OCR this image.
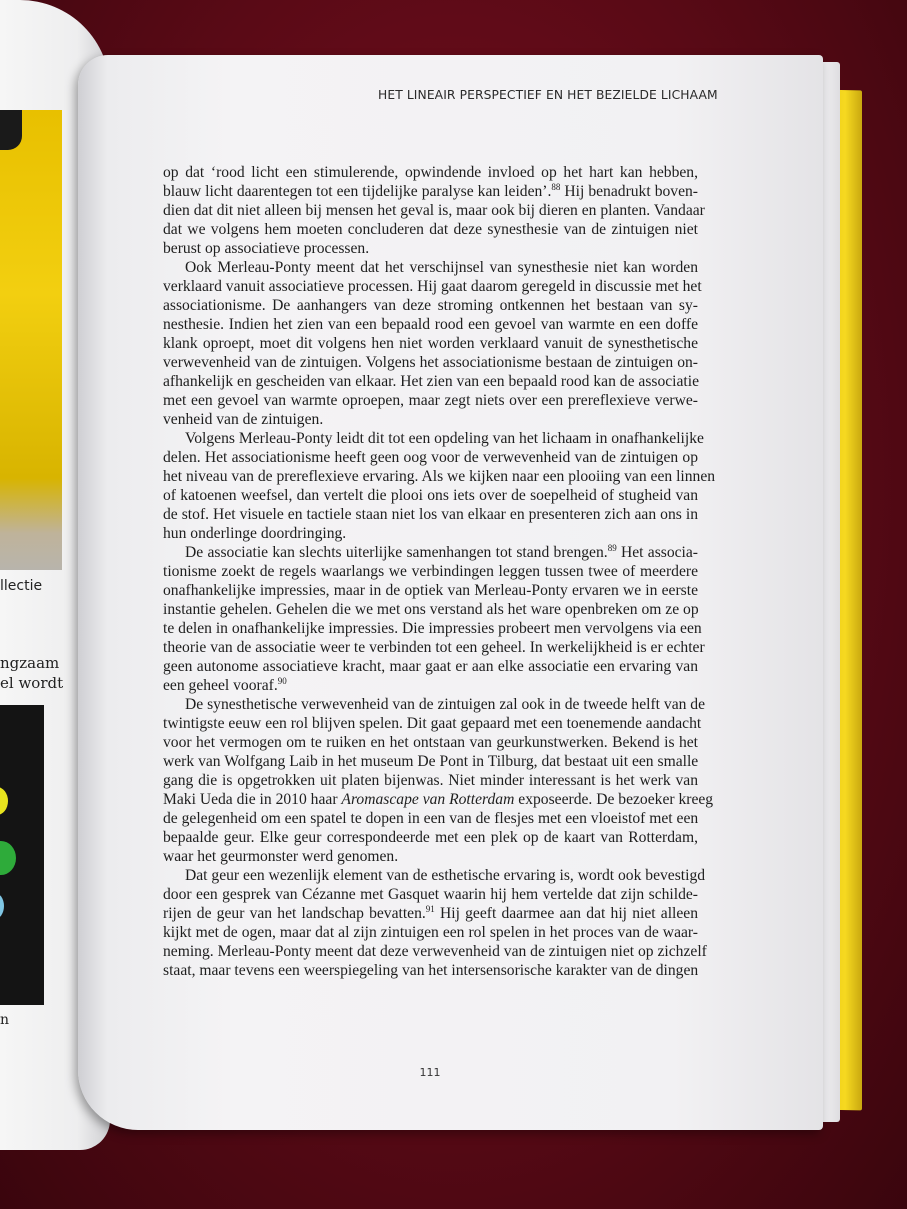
llectie
ngzaam
el wordt
n
HET LINEAIR PERSPECTIEF EN HET BEZIELDE LICHAAM
op dat ‘rood licht een stimulerende, opwindende invloed op het hart kan hebben,
blauw licht daarentegen tot een tijdelijke paralyse kan leiden’.$^{88}$ Hij benadrukt boven-
dien dat dit niet alleen bij mensen het geval is, maar ook bij dieren en planten. Vandaar
dat we volgens hem moeten concluderen dat deze synesthesie van de zintuigen niet
berust op associatieve processen.
Ook Merleau-Ponty meent dat het verschijnsel van synesthesie niet kan worden
verklaard vanuit associatieve processen. Hij gaat daarom geregeld in discussie met het
associationisme. De aanhangers van deze stroming ontkennen het bestaan van sy-
nesthesie. Indien het zien van een bepaald rood een gevoel van warmte en een doffe
klank oproept, moet dit volgens hen niet worden verklaard vanuit de synesthetische
verwevenheid van de zintuigen. Volgens het associationisme bestaan de zintuigen on-
afhankelijk en gescheiden van elkaar. Het zien van een bepaald rood kan de associatie
met een gevoel van warmte oproepen, maar zegt niets over een prereflexieve verwe-
venheid van de zintuigen.
Volgens Merleau-Ponty leidt dit tot een opdeling van het lichaam in onafhankelijke
delen. Het associationisme heeft geen oog voor de verwevenheid van de zintuigen op
het niveau van de prereflexieve ervaring. Als we kijken naar een plooiing van een linnen
of katoenen weefsel, dan vertelt die plooi ons iets over de soepelheid of stugheid van
de stof. Het visuele en tactiele staan niet los van elkaar en presenteren zich aan ons in
hun onderlinge doordringing.
De associatie kan slechts uiterlijke samenhangen tot stand brengen.$^{89}$ Het associa-
tionisme zoekt de regels waarlangs we verbindingen leggen tussen twee of meerdere
onafhankelijke impressies, maar in de optiek van Merleau-Ponty ervaren we in eerste
instantie gehelen. Gehelen die we met ons verstand als het ware openbreken om ze op
te delen in onafhankelijke impressies. Die impressies probeert men vervolgens via een
theorie van de associatie weer te verbinden tot een geheel. In werkelijkheid is er echter
geen autonome associatieve kracht, maar gaat er aan elke associatie een ervaring van
een geheel vooraf.$^{90}$
De synesthetische verwevenheid van de zintuigen zal ook in de tweede helft van de
twintigste eeuw een rol blijven spelen. Dit gaat gepaard met een toenemende aandacht
voor het vermogen om te ruiken en het ontstaan van geurkunstwerken. Bekend is het
werk van Wolfgang Laib in het museum De Pont in Tilburg, dat bestaat uit een smalle
gang die is opgetrokken uit platen bijenwas. Niet minder interessant is het werk van
Maki Ueda die in 2010 haar Aromascape van Rotterdam exposeerde. De bezoeker kreeg
de gelegenheid om een spatel te dopen in een van de flesjes met een vloeistof met een
bepaalde geur. Elke geur correspondeerde met een plek op de kaart van Rotterdam,
waar het geurmonster werd genomen.
Dat geur een wezenlijk element van de esthetische ervaring is, wordt ook bevestigd
door een gesprek van Cézanne met Gasquet waarin hij hem vertelde dat zijn schilde-
rijen de geur van het landschap bevatten.$^{91}$ Hij geeft daarmee aan dat hij niet alleen
kijkt met de ogen, maar dat al zijn zintuigen een rol spelen in het proces van de waar-
neming. Merleau-Ponty meent dat deze verwevenheid van de zintuigen niet op zichzelf
staat, maar tevens een weerspiegeling van het intersensorische karakter van de dingen
111
